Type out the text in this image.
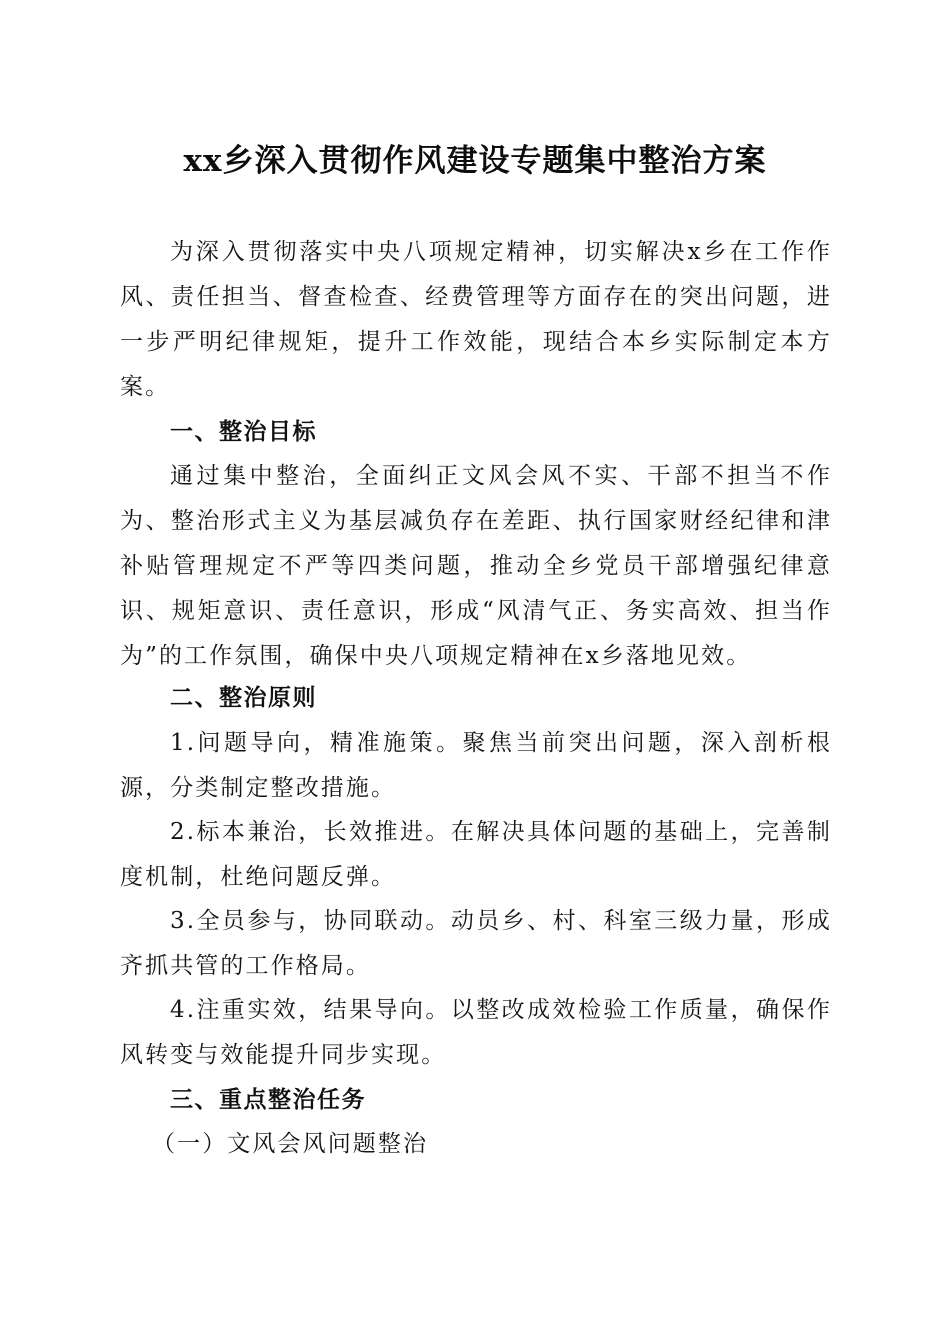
xx乡深入贯彻作风建设专题集中整治方案

为深入贯彻落实中央八项规定精神，切实解决x乡在工作作风、责任担当、督查检查、经费管理等方面存在的突出问题，进一步严明纪律规矩，提升工作效能，现结合本乡实际制定本方案。

一、整治目标

通过集中整治，全面纠正文风会风不实、干部不担当不作为、整治形式主义为基层减负存在差距、执行国家财经纪律和津补贴管理规定不严等四类问题，推动全乡党员干部增强纪律意识、规矩意识、责任意识，形成“风清气正、务实高效、担当作为”的工作氛围，确保中央八项规定精神在x乡落地见效。

二、整治原则

1.问题导向，精准施策。聚焦当前突出问题，深入剖析根源，分类制定整改措施。

2.标本兼治，长效推进。在解决具体问题的基础上，完善制度机制，杜绝问题反弹。

3.全员参与，协同联动。动员乡、村、科室三级力量，形成齐抓共管的工作格局。

4.注重实效，结果导向。以整改成效检验工作质量，确保作风转变与效能提升同步实现。

三、重点整治任务

（一）文风会风问题整治
